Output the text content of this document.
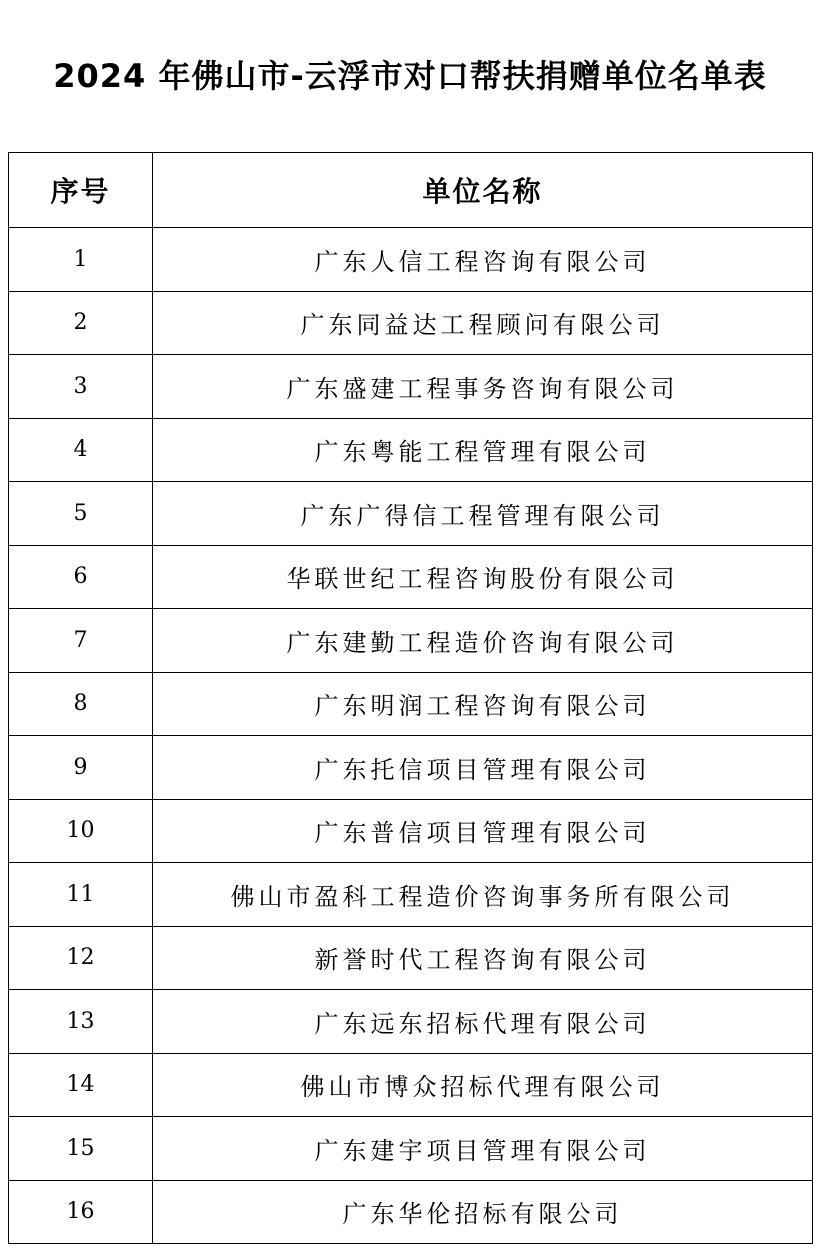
2024 年佛山市-云浮市对口帮扶捐赠单位名单表
序号	单位名称
1	广东人信工程咨询有限公司
2	广东同益达工程顾问有限公司
3	广东盛建工程事务咨询有限公司
4	广东粤能工程管理有限公司
5	广东广得信工程管理有限公司
6	华联世纪工程咨询股份有限公司
7	广东建勤工程造价咨询有限公司
8	广东明润工程咨询有限公司
9	广东托信项目管理有限公司
10	广东普信项目管理有限公司
11	佛山市盈科工程造价咨询事务所有限公司
12	新誉时代工程咨询有限公司
13	广东远东招标代理有限公司
14	佛山市博众招标代理有限公司
15	广东建宇项目管理有限公司
16	广东华伦招标有限公司
